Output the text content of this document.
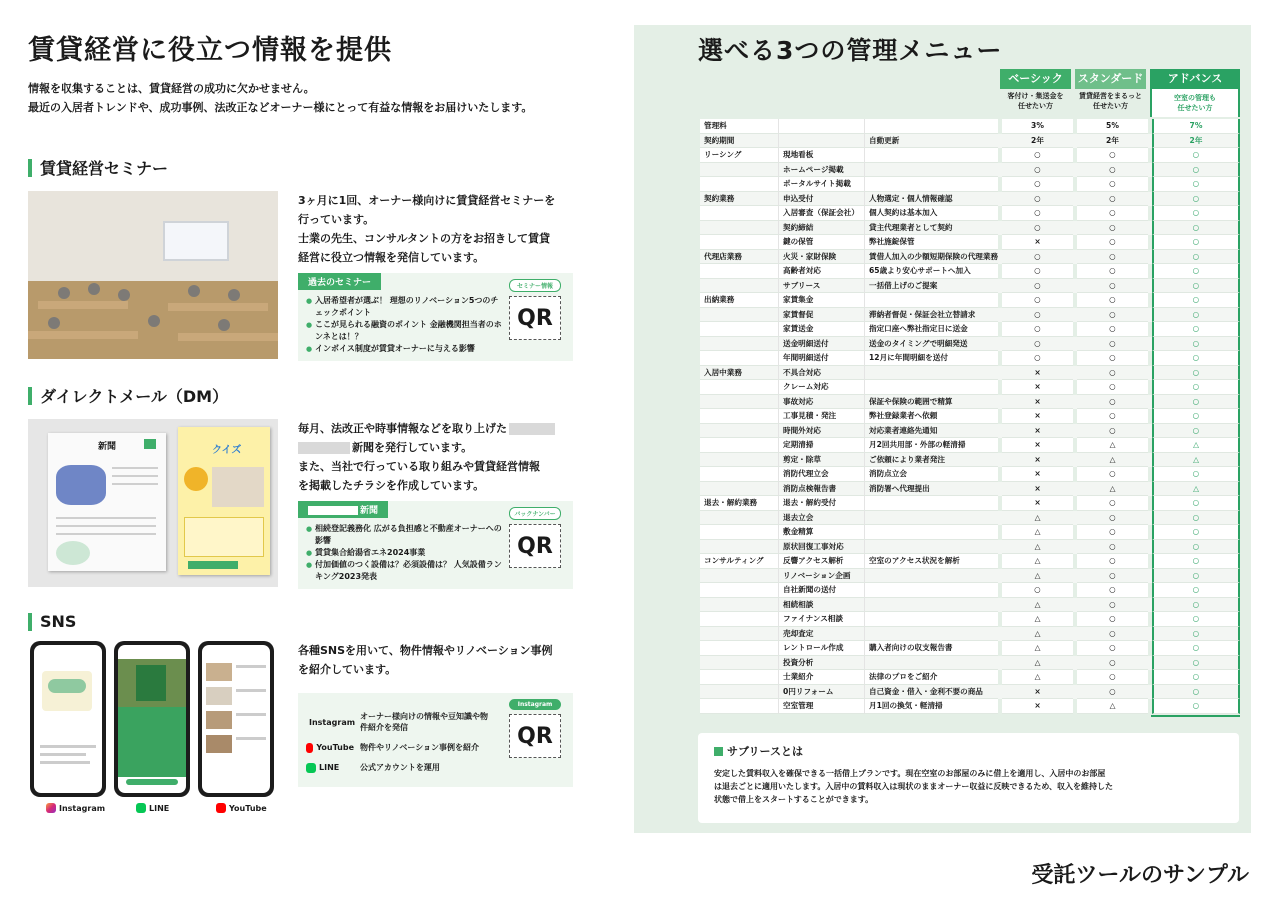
賃貸経営に役立つ情報を提供
情報を収集することは、賃貸経営の成功に欠かせません。
最近の入居者トレンドや、成功事例、法改正などオーナー様にとって有益な情報をお届けいたします。
賃貸経営セミナー
3ヶ月に1回、オーナー様向けに賃貸経営セミナーを
行っています。
士業の先生、コンサルタントの方をお招きして賃貸
経営に役立つ情報を発信しています。
過去のセミナー
● 入居希望者が選ぶ！ 理想のリノベーション5つのチェックポイント
● ここが見られる融資のポイント 金融機関担当者のホンネとは！？
● インボイス制度が賃貸オーナーに与える影響
セミナー情報
QR
ダイレクトメール（DM）
新聞	クイズ
毎月、法改正や時事情報などを取り上げた
新聞を発行しています。
また、当社で行っている取り組みや賃貸経営情報
を掲載したチラシを作成しています。
新聞
● 相続登記義務化 広がる負担感と不動産オーナーへの影響
● 賃貸集合給湯省エネ2024事業
● 付加価値のつく設備は？必須設備は？ 人気設備ランキング2023発表
バックナンバー
QR
SNS
Instagram	LINE	YouTube
各種SNSを用いて、物件情報やリノベーション事例
を紹介しています。
Instagram
オーナー様向けの情報や豆知識や物件紹介を発信
YouTube 物件やリノベーション事例を紹介
LINE	公式アカウントを運用
Instagram
QR
選べる3つの管理メニュー
ベーシック	スタンダード	アドバンス
客付け・集送金を
任せたい方
賃貸経営をまるっと
任せたい方
空室の管理も
任せたい方
管理料	3%	5%	7%
契約期間	自動更新	2年	2年	2年
リーシング	現地看板	○	○	○
ホームページ掲載	○	○	○
ポータルサイト掲載	○	○	○
契約業務	申込受付	人物選定・個人情報確認	○	○	○
入居審査（保証会社）	個人契約は基本加入	○	○	○
契約締結	貸主代理業者として契約	○	○	○
鍵の保管	弊社施錠保管	×	○	○
代理店業務	火災・家財保険	賃借人加入の少額短期保険の代理業務	○	○	○
高齢者対応	65歳より安心サポートへ加入	○	○	○
サブリース	一括借上げのご提案	○	○	○
出納業務	家賃集金	○	○	○
家賃督促	滞納者督促・保証会社立替請求	○	○	○
家賃送金	指定口座へ弊社指定日に送金	○	○	○
送金明細送付	送金のタイミングで明細発送	○	○	○
年間明細送付	12月に年間明細を送付	○	○	○
入居中業務	不具合対応	×	○	○
クレーム対応	×	○	○
事故対応	保証や保険の範囲で精算	×	○	○
工事見積・発注	弊社登録業者へ依頼	×	○	○
時間外対応	対応業者連絡先通知	×	○	○
定期清掃	月2回共用部・外部の軽清掃	×	△	△
剪定・除草	ご依頼により業者発注	×	△	△
消防代理立会	消防点立会	×	○	○
消防点検報告書	消防署へ代理提出	×	△	△
退去・解約業務	退去・解約受付	×	○	○
退去立会	△	○	○
敷金精算	△	○	○
原状回復工事対応	△	○	○
コンサルティング	反響アクセス解析	空室のアクセス状況を解析	△	○	○
リノベーション企画	△	○	○
自社新聞の送付	○	○	○
相続相談	△	○	○
ファイナンス相談	△	○	○
売却査定	△	○	○
レントロール作成	購入者向けの収支報告書	△	○	○
投資分析	△	○	○
士業紹介	法律のプロをご紹介	△	○	○
0円リフォーム	自己資金・借入・金利不要の商品	×	○	○
空室管理	月1回の換気・軽清掃	×	△	○
サブリースとは
安定した賃料収入を確保できる一括借上プランです。現在空室のお部屋のみに借上を適用し、入居中のお部屋
は退去ごとに適用いたします。入居中の賃料収入は現状のままオーナー収益に反映できるため、収入を維持した
状態で借上をスタートすることができます。
受託ツールのサンプル
